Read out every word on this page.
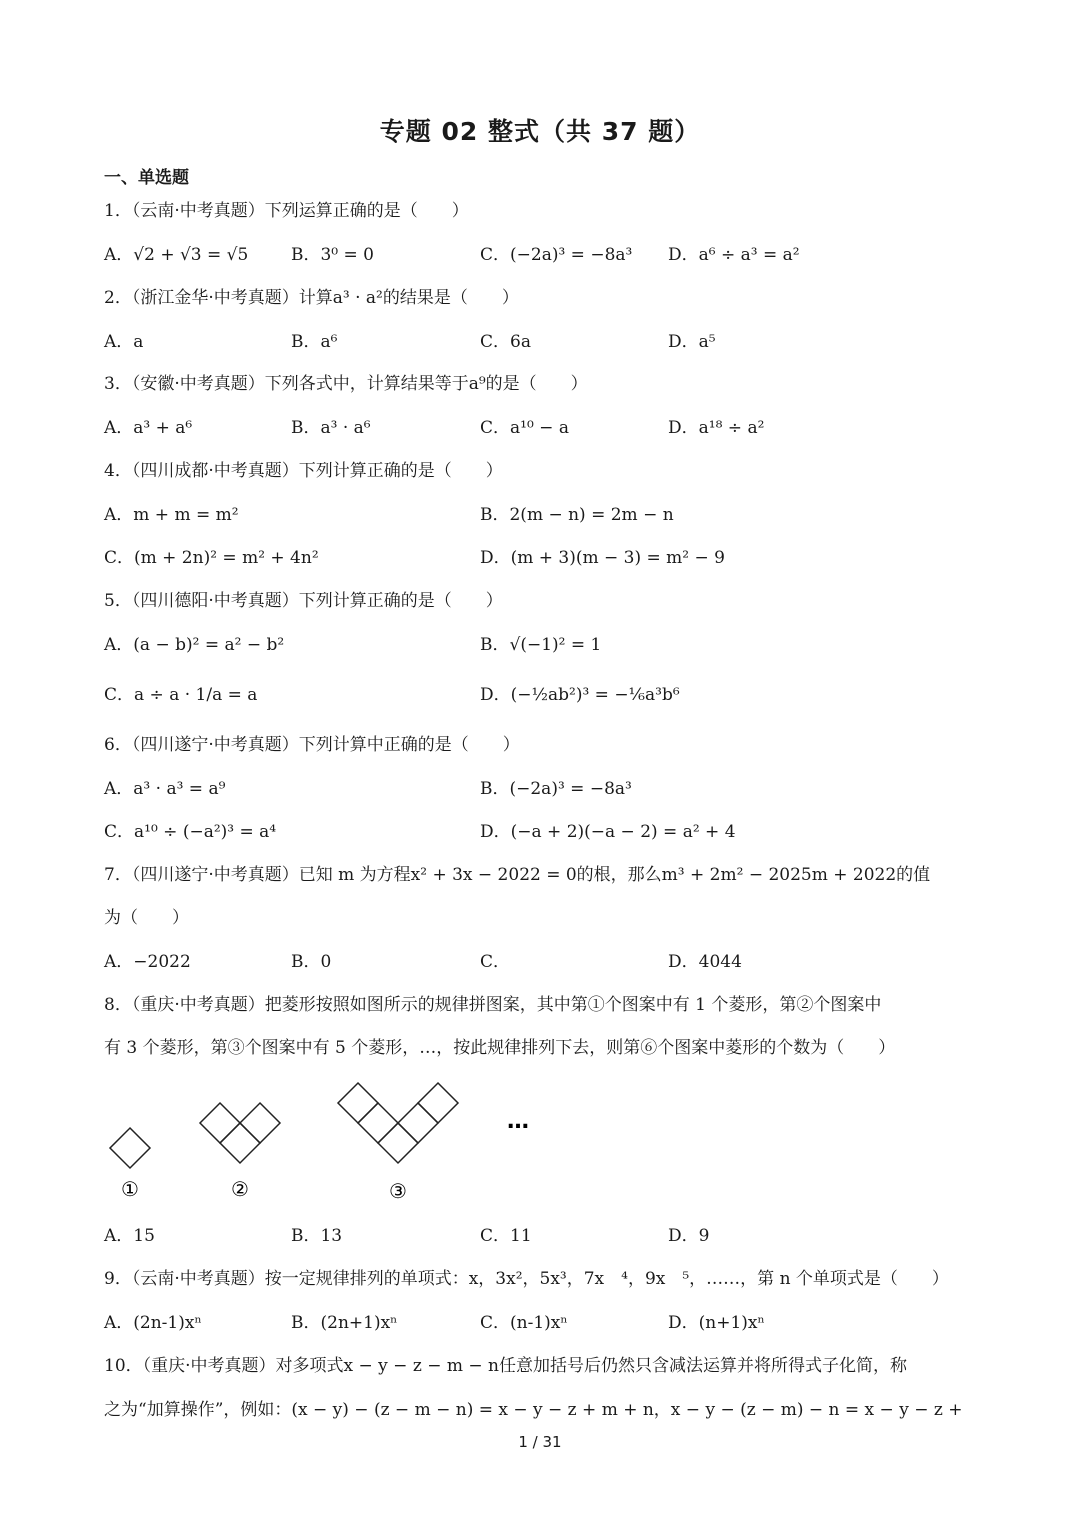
专题 02 整式（共 37 题）
一、单选题
1．（云南·中考真题）下列运算正确的是（　　）
A．√2 + √3 = √5	B．3⁰ = 0	C．(−2a)³ = −8a³ D．a⁶ ÷ a³ = a²
2．（浙江金华·中考真题）计算a³ · a²的结果是（　　）
A．a	B．a⁶	C．6a	D．a⁵
3．（安徽·中考真题）下列各式中，计算结果等于a⁹的是（　　）
A．a³ + a⁶	B．a³ · a⁶	C．a¹⁰ − a	D．a¹⁸ ÷ a²
4．（四川成都·中考真题）下列计算正确的是（　　）
A．m + m = m²	B．2(m − n) = 2m − n
C．(m + 2n)² = m² + 4n²	D．(m + 3)(m − 3) = m² − 9
5．（四川德阳·中考真题）下列计算正确的是（　　）
A．(a − b)² = a² − b²	B．√(−1)² = 1
C．a ÷ a · 1/a = a	D．(−½ab²)³ = −⅙a³b⁶
6．（四川遂宁·中考真题）下列计算中正确的是（　　）
A．a³ · a³ = a⁹	B．(−2a)³ = −8a³
C．a¹⁰ ÷ (−a²)³ = a⁴	D．(−a + 2)(−a − 2) = a² + 4
7．（四川遂宁·中考真题）已知 m 为方程x² + 3x − 2022 = 0的根，那么m³ + 2m² − 2025m + 2022的值
为（　　）
A．−2022	B．0	C．	D．4044
8．（重庆·中考真题）把菱形按照如图所示的规律拼图案，其中第①个图案中有 1 个菱形，第②个图案中
有 3 个菱形，第③个图案中有 5 个菱形，…，按此规律排列下去，则第⑥个图案中菱形的个数为（　　）
①	②	③
…
A．15	B．13	C．11	D．9
9．（云南·中考真题）按一定规律排列的单项式：x，3x²，5x³，7x　⁴，9x　⁵，……，第 n 个单项式是（　　）
A．(2n-1)xⁿ	B．(2n+1)xⁿ	C．(n-1)xⁿ	D．(n+1)xⁿ
10．（重庆·中考真题）对多项式x − y − z − m − n任意加括号后仍然只含减法运算并将所得式子化简，称
之为“加算操作”，例如：(x − y) − (z − m − n) = x − y − z + m + n，x − y − (z − m) − n = x − y − z +
1 / 31
